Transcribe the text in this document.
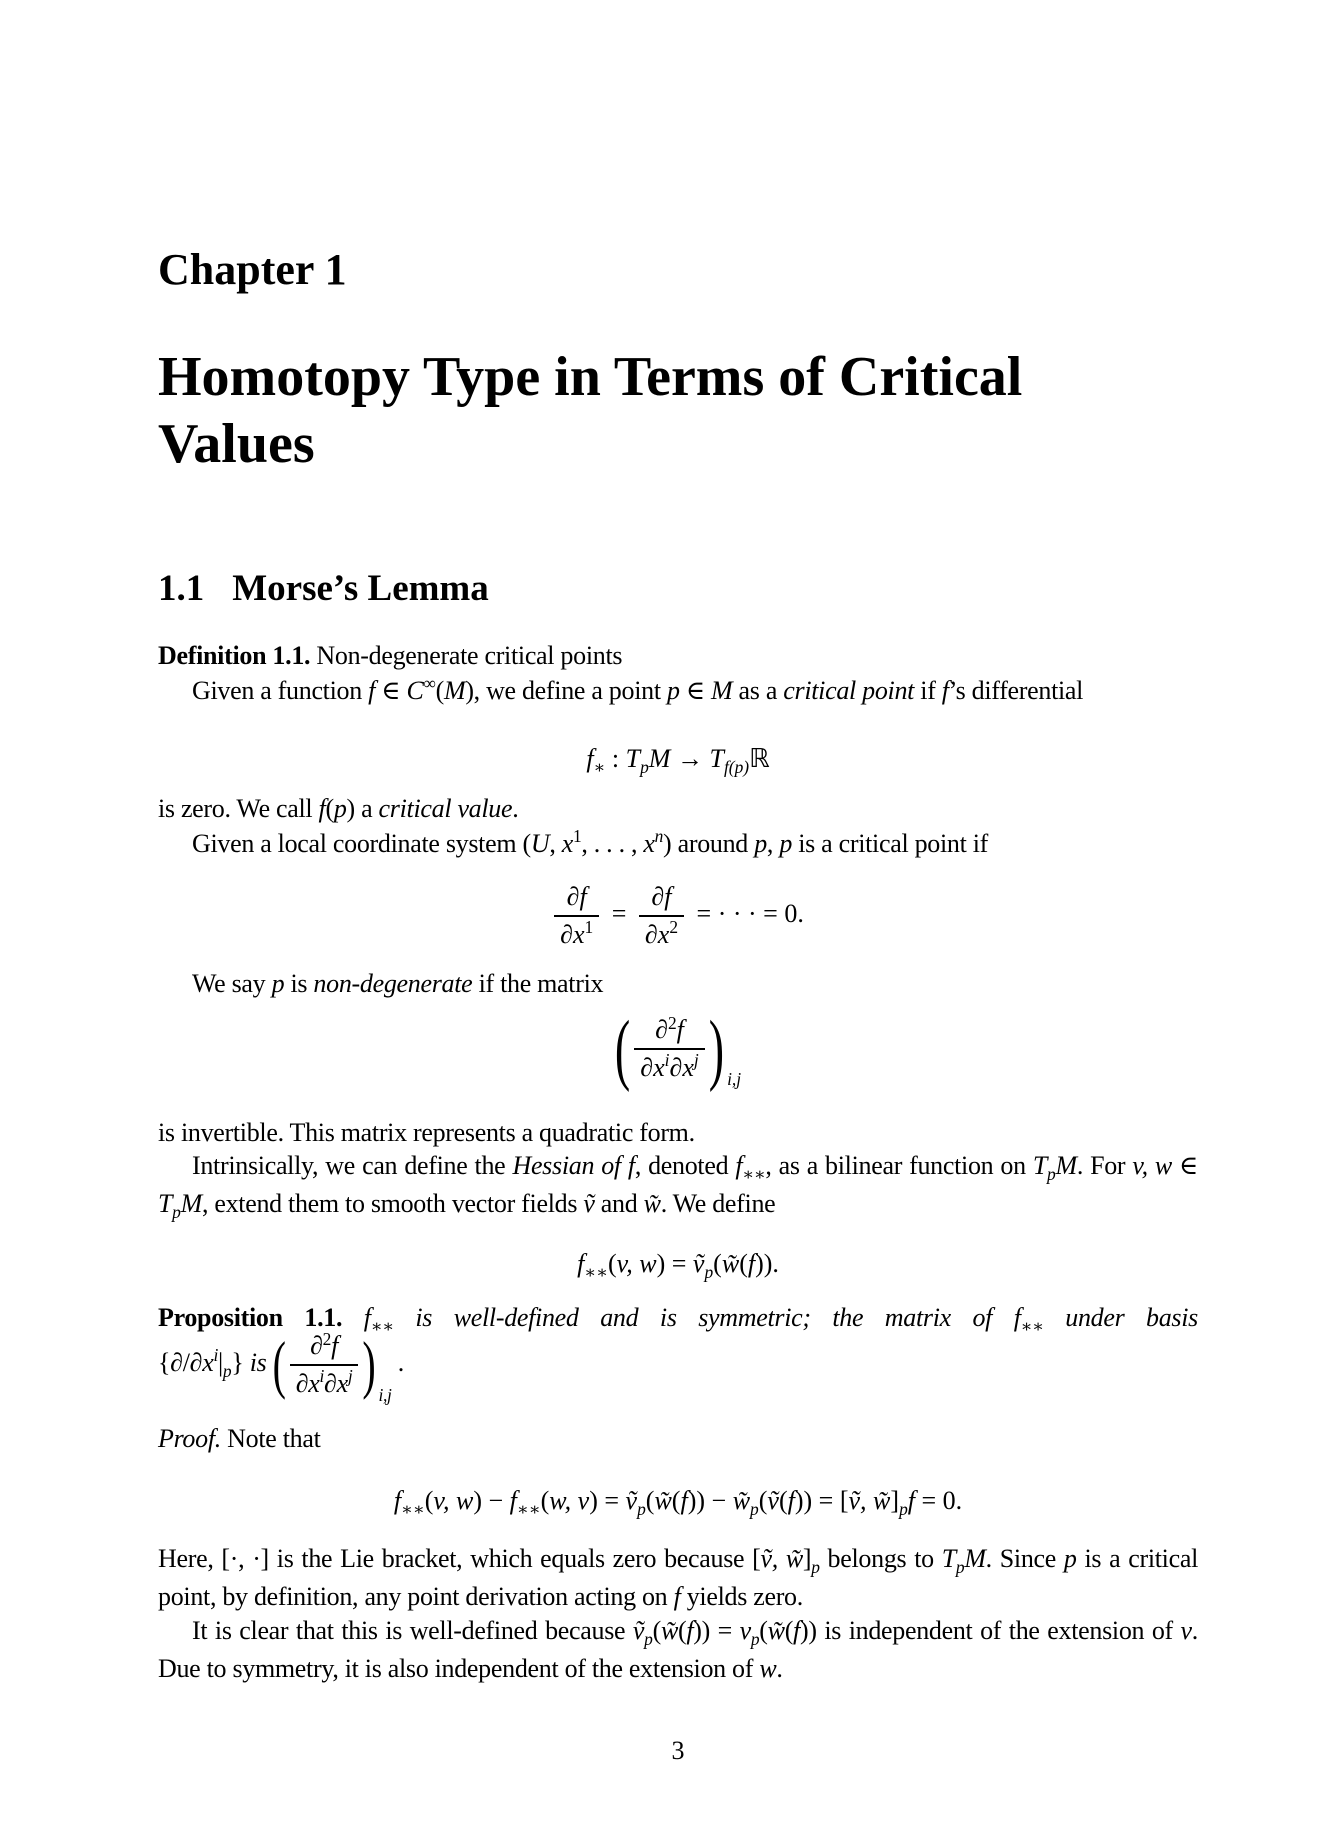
Chapter 1
Homotopy Type in Terms of Critical
Values
1.1 Morse’s Lemma

Definition 1.1. Non-degenerate critical points

Given a function f ∈ C∞(M), we define a point p ∈ M as a critical point if f’s differential

$f_∗$ : $T_pM$ → $T_{f(p)}ℝ$

is zero. We call f(p) a critical value.

Given a local coordinate system (U, $x^1$, . . . , $x^n$) around p, p is a critical point if

$\frac{\partial f}{\partial x^1} = \frac{\partial f}{\partial x^2}$ = · · · = 0.

We say p is non-degenerate if the matrix

( $\frac{\partial^2f}{\partial x^i\partial x^j}$ ) $_{i,j}$

is invertible. This matrix represents a quadratic form.

Intrinsically, we can define the Hessian of f, denoted $f_{∗∗}$, as a bilinear function on $T_pM$. For v, w ∈ $T_pM$, extend them to smooth vector fields ṽ and w̃. We define

$f_{∗∗}(v$, w) = ṽ$_p$(w̃(f)).

Proposition 1.1. $f_{∗∗}$ is well-defined and is symmetric; the matrix of $f_{∗∗}$ under basis

$\{\partial/\partial x^i|_p\}$ is ( $\frac{\partial^2f}{\partial x^i\partial x^j}$ ) $_{i,j}$ .

Proof. Note that

$f_{∗∗}(v$, $w) - f_{∗∗}(w$, v) = ṽ$_p$(w̃(f)) − $w̃_p(ṽ(f))$ = [ṽ, $w̃]_pf = 0$.

Here, [·, ·] is the Lie bracket, which equals zero because [ṽ, $w̃]_p$ belongs to $T_pM$. Since p is a critical point, by definition, any point derivation acting on f yields zero.

It is clear that this is well-defined because ṽ$_p$(w̃(f)) = $v_p(w̃(f))$ is independent of the extension of v. Due to symmetry, it is also independent of the extension of w.

3
